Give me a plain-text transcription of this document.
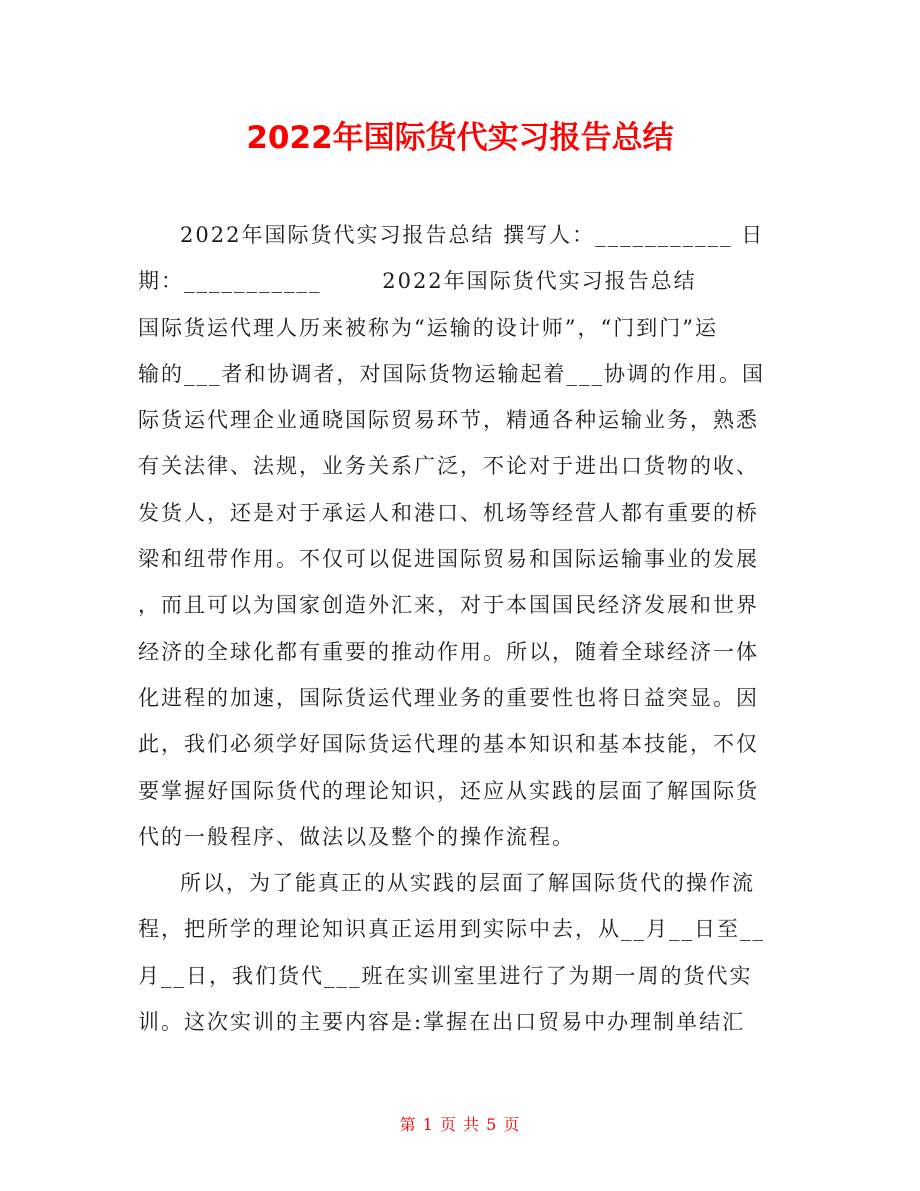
2022年国际货代实习报告总结
2022年国际货代实习报告总结 撰写人：___________ 日
期：___________       2022年国际货代实习报告总结
国际货运代理人历来被称为“运输的设计师”，“门到门”运
输的___者和协调者，对国际货物运输起着___协调的作用。国
际货运代理企业通晓国际贸易环节，精通各种运输业务，熟悉
有关法律、法规，业务关系广泛，不论对于进出口货物的收、
发货人，还是对于承运人和港口、机场等经营人都有重要的桥
梁和纽带作用。不仅可以促进国际贸易和国际运输事业的发展
，而且可以为国家创造外汇来，对于本国国民经济发展和世界
经济的全球化都有重要的推动作用。所以，随着全球经济一体
化进程的加速，国际货运代理业务的重要性也将日益突显。因
此，我们必须学好国际货运代理的基本知识和基本技能，不仅
要掌握好国际货代的理论知识，还应从实践的层面了解国际货
代的一般程序、做法以及整个的操作流程。
所以，为了能真正的从实践的层面了解国际货代的操作流
程，把所学的理论知识真正运用到实际中去，从__月__日至__
月__日，我们货代___班在实训室里进行了为期一周的货代实
训。这次实训的主要内容是:掌握在出口贸易中办理制单结汇
第 1 页 共 5 页
